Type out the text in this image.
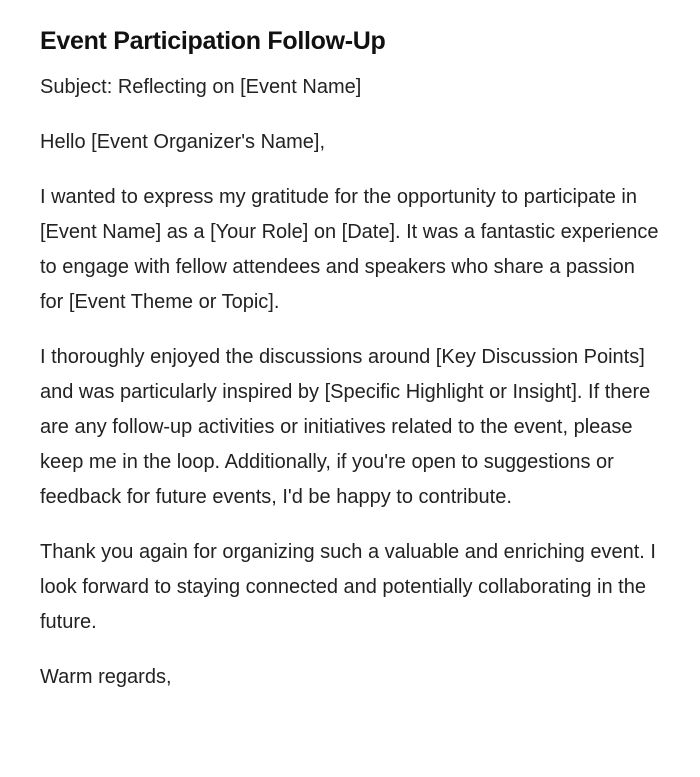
Event Participation Follow-Up

Subject: Reflecting on [Event Name]

Hello [Event Organizer's Name],

I wanted to express my gratitude for the opportunity to participate in [Event Name] as a [Your Role] on [Date]. It was a fantastic experience to engage with fellow attendees and speakers who share a passion for [Event Theme or Topic].

I thoroughly enjoyed the discussions around [Key Discussion Points] and was particularly inspired by [Specific Highlight or Insight]. If there are any follow-up activities or initiatives related to the event, please keep me in the loop. Additionally, if you're open to suggestions or feedback for future events, I'd be happy to contribute.

Thank you again for organizing such a valuable and enriching event. I look forward to staying connected and potentially collaborating in the future.

Warm regards,
